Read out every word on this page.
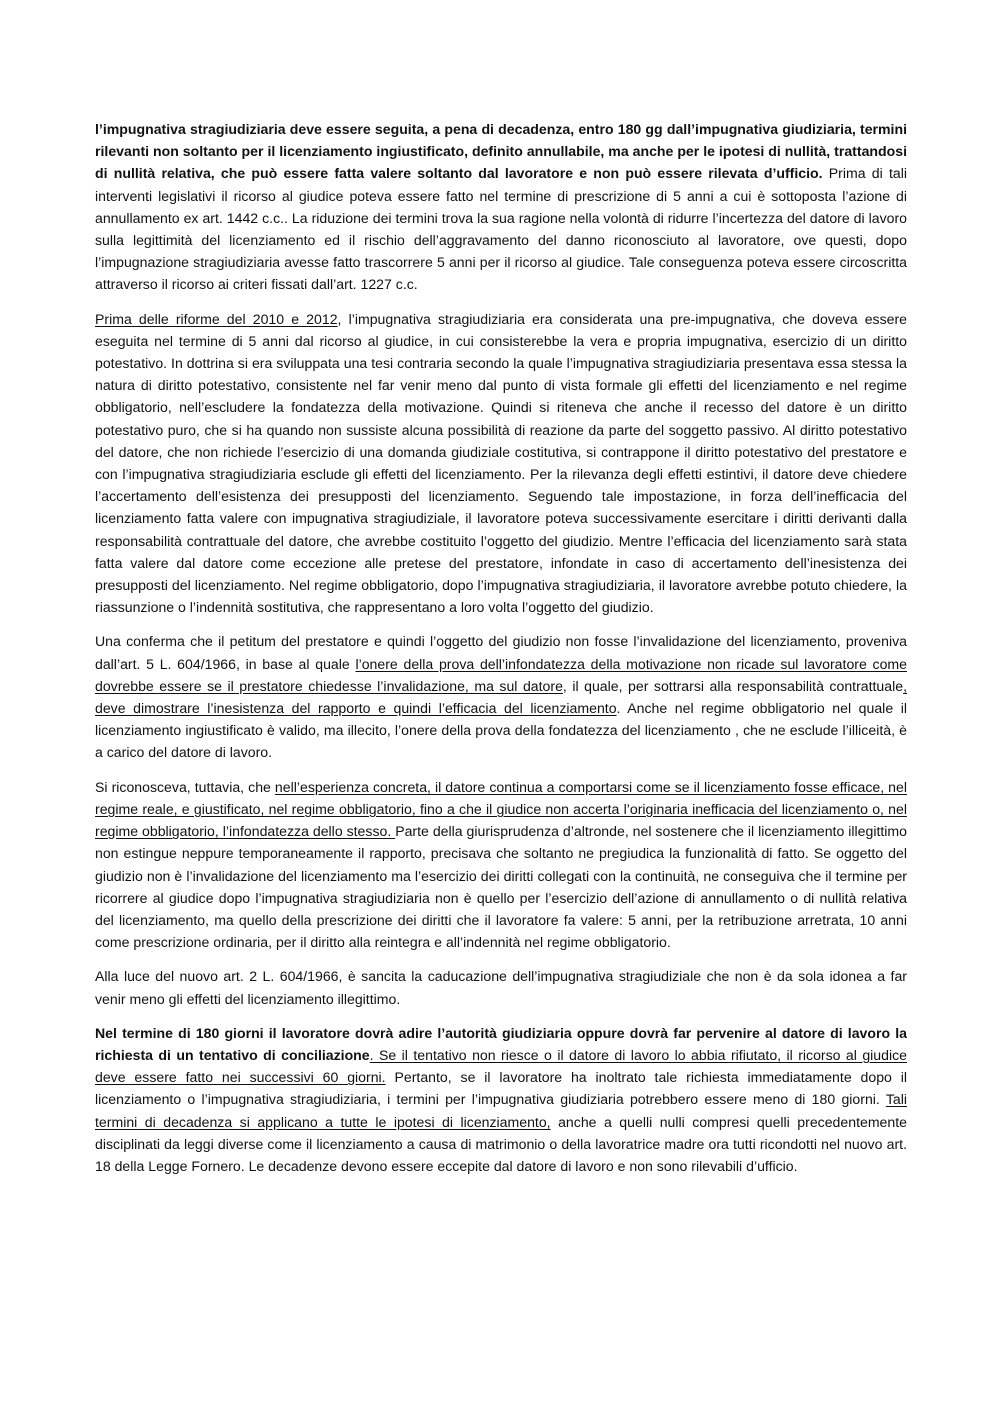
l’impugnativa stragiudiziaria deve essere seguita, a pena di decadenza, entro 180 gg dall’impugnativa giudiziaria, termini rilevanti non soltanto per il licenziamento ingiustificato, definito annullabile, ma anche per le ipotesi di nullità, trattandosi di nullità relativa, che può essere fatta valere soltanto dal lavoratore e non può essere rilevata d’ufficio. Prima di tali interventi legislativi il ricorso al giudice poteva essere fatto nel termine di prescrizione di 5 anni a cui è sottoposta l’azione di annullamento ex art. 1442 c.c.. La riduzione dei termini trova la sua ragione nella volontà di ridurre l’incertezza del datore di lavoro sulla legittimità del licenziamento ed il rischio dell’aggravamento del danno riconosciuto al lavoratore, ove questi, dopo l’impugnazione stragiudiziaria avesse fatto trascorrere 5 anni per il ricorso al giudice. Tale conseguenza poteva essere circoscritta attraverso il ricorso ai criteri fissati dall’art. 1227 c.c.

Prima delle riforme del 2010 e 2012, l’impugnativa stragiudiziaria era considerata una pre-impugnativa, che doveva essere eseguita nel termine di 5 anni dal ricorso al giudice, in cui consisterebbe la vera e propria impugnativa, esercizio di un diritto potestativo. In dottrina si era sviluppata una tesi contraria secondo la quale l’impugnativa stragiudiziaria presentava essa stessa la natura di diritto potestativo, consistente nel far venir meno dal punto di vista formale gli effetti del licenziamento e nel regime obbligatorio, nell’escludere la fondatezza della motivazione. Quindi si riteneva che anche il recesso del datore è un diritto potestativo puro, che si ha quando non sussiste alcuna possibilità di reazione da parte del soggetto passivo. Al diritto potestativo del datore, che non richiede l’esercizio di una domanda giudiziale costitutiva, si contrappone il diritto potestativo del prestatore e con l’impugnativa stragiudiziaria esclude gli effetti del licenziamento. Per la rilevanza degli effetti estintivi, il datore deve chiedere l’accertamento dell’esistenza dei presupposti del licenziamento. Seguendo tale impostazione, in forza dell’inefficacia del licenziamento fatta valere con impugnativa stragiudiziale, il lavoratore poteva successivamente esercitare i diritti derivanti dalla responsabilità contrattuale del datore, che avrebbe costituito l’oggetto del giudizio. Mentre l’efficacia del licenziamento sarà stata fatta valere dal datore come eccezione alle pretese del prestatore, infondate in caso di accertamento dell’inesistenza dei presupposti del licenziamento. Nel regime obbligatorio, dopo l’impugnativa stragiudiziaria, il lavoratore avrebbe potuto chiedere, la riassunzione o l’indennità sostitutiva, che rappresentano a loro volta l’oggetto del giudizio.

Una conferma che il petitum del prestatore e quindi l’oggetto del giudizio non fosse l’invalidazione del licenziamento, proveniva dall’art. 5 L. 604/1966, in base al quale l’onere della prova dell’infondatezza della motivazione non ricade sul lavoratore come dovrebbe essere se il prestatore chiedesse l’invalidazione, ma sul datore, il quale, per sottrarsi alla responsabilità contrattuale, deve dimostrare l’inesistenza del rapporto e quindi l’efficacia del licenziamento. Anche nel regime obbligatorio nel quale il licenziamento ingiustificato è valido, ma illecito, l’onere della prova della fondatezza del licenziamento , che ne esclude l’illiceità, è a carico del datore di lavoro.

Si riconosceva, tuttavia, che nell’esperienza concreta, il datore continua a comportarsi come se il licenziamento fosse efficace, nel regime reale, e giustificato, nel regime obbligatorio, fino a che il giudice non accerta l’originaria inefficacia del licenziamento o, nel regime obbligatorio, l’infondatezza dello stesso. Parte della giurisprudenza d’altronde, nel sostenere che il licenziamento illegittimo non estingue neppure temporaneamente il rapporto, precisava che soltanto ne pregiudica la funzionalità di fatto. Se oggetto del giudizio non è l’invalidazione del licenziamento ma l’esercizio dei diritti collegati con la continuità, ne conseguiva che il termine per ricorrere al giudice dopo l’impugnativa stragiudiziaria non è quello per l’esercizio dell’azione di annullamento o di nullità relativa del licenziamento, ma quello della prescrizione dei diritti che il lavoratore fa valere: 5 anni, per la retribuzione arretrata, 10 anni come prescrizione ordinaria, per il diritto alla reintegra e all’indennità nel regime obbligatorio.

Alla luce del nuovo art. 2 L. 604/1966, è sancita la caducazione dell’impugnativa stragiudiziale che non è da sola idonea a far venir meno gli effetti del licenziamento illegittimo.

Nel termine di 180 giorni il lavoratore dovrà adire l’autorità giudiziaria oppure dovrà far pervenire al datore di lavoro la richiesta di un tentativo di conciliazione. Se il tentativo non riesce o il datore di lavoro lo abbia rifiutato, il ricorso al giudice deve essere fatto nei successivi 60 giorni. Pertanto, se il lavoratore ha inoltrato tale richiesta immediatamente dopo il licenziamento o l’impugnativa stragiudiziaria, i termini per l’impugnativa giudiziaria potrebbero essere meno di 180 giorni. Tali termini di decadenza si applicano a tutte le ipotesi di licenziamento, anche a quelli nulli compresi quelli precedentemente disciplinati da leggi diverse come il licenziamento a causa di matrimonio o della lavoratrice madre ora tutti ricondotti nel nuovo art. 18 della Legge Fornero. Le decadenze devono essere eccepite dal datore di lavoro e non sono rilevabili d’ufficio.
